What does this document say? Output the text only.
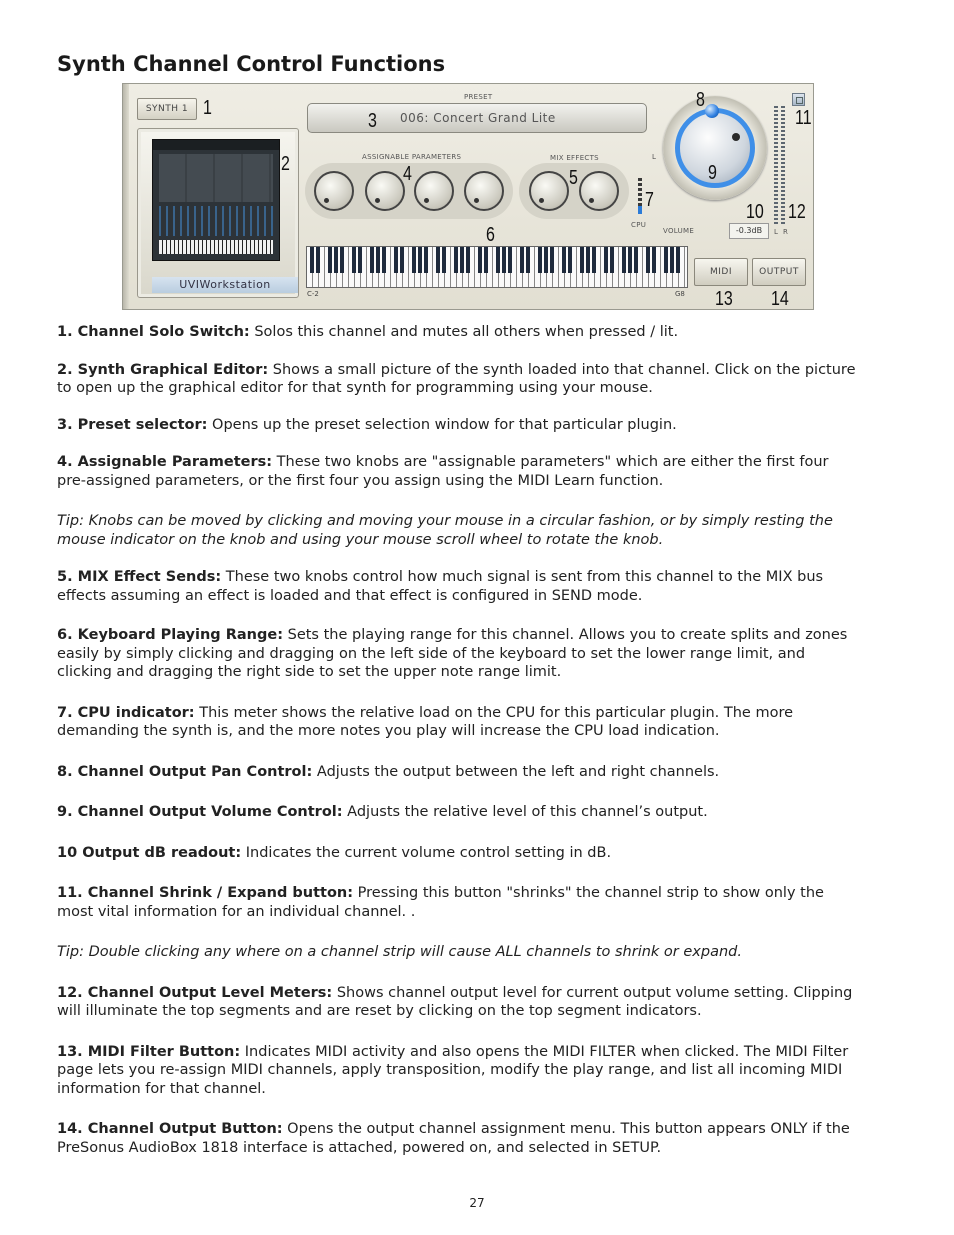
Synth Channel Control Functions
SYNTH 1 1
UVIWorkstation
2
PRESET
006: Concert Grand Lite
3
ASSIGNABLE PARAMETERS
4
MIX EFFECTS
5
7
CPU
6
C-2	G8
L
8
9
VOLUME
10
-0.3dB
11
12
L R
MIDI	OUTPUT
13 14

1. Channel Solo Switch: Solos this channel and mutes all others when pressed / lit.

2. Synth Graphical Editor: Shows a small picture of the synth loaded into that channel. Click on the picture to open up the graphical editor for that synth for programming using your mouse.

3. Preset selector: Opens up the preset selection window for that particular plugin.

4. Assignable Parameters: These two knobs are "assignable parameters" which are either the first four pre-assigned parameters, or the first four you assign using the MIDI Learn function.

Tip: Knobs can be moved by clicking and moving your mouse in a circular fashion, or by simply resting the mouse indicator on the knob and using your mouse scroll wheel to rotate the knob.

5. MIX Effect Sends: These two knobs control how much signal is sent from this channel to the MIX bus effects assuming an effect is loaded and that effect is configured in SEND mode.

6. Keyboard Playing Range: Sets the playing range for this channel. Allows you to create splits and zones easily by simply clicking and dragging on the left side of the keyboard to set the lower range limit, and clicking and dragging the right side to set the upper note range limit.

7. CPU indicator: This meter shows the relative load on the CPU for this particular plugin. The more demanding the synth is, and the more notes you play will increase the CPU load indication.

8. Channel Output Pan Control: Adjusts the output between the left and right channels.

9. Channel Output Volume Control: Adjusts the relative level of this channel’s output.

10 Output dB readout: Indicates the current volume control setting in dB.

11. Channel Shrink / Expand button: Pressing this button "shrinks" the channel strip to show only the most vital information for an individual channel. .

Tip: Double clicking any where on a channel strip will cause ALL channels to shrink or expand.

12. Channel Output Level Meters: Shows channel output level for current output volume setting. Clipping will illuminate the top segments and are reset by clicking on the top segment indicators.

13. MIDI Filter Button: Indicates MIDI activity and also opens the MIDI FILTER when clicked. The MIDI Filter page lets you re-assign MIDI channels, apply transposition, modify the play range, and list all incoming MIDI information for that channel.

14. Channel Output Button: Opens the output channel assignment menu. This button appears ONLY if the PreSonus AudioBox 1818 interface is attached, powered on, and selected in SETUP.

27
